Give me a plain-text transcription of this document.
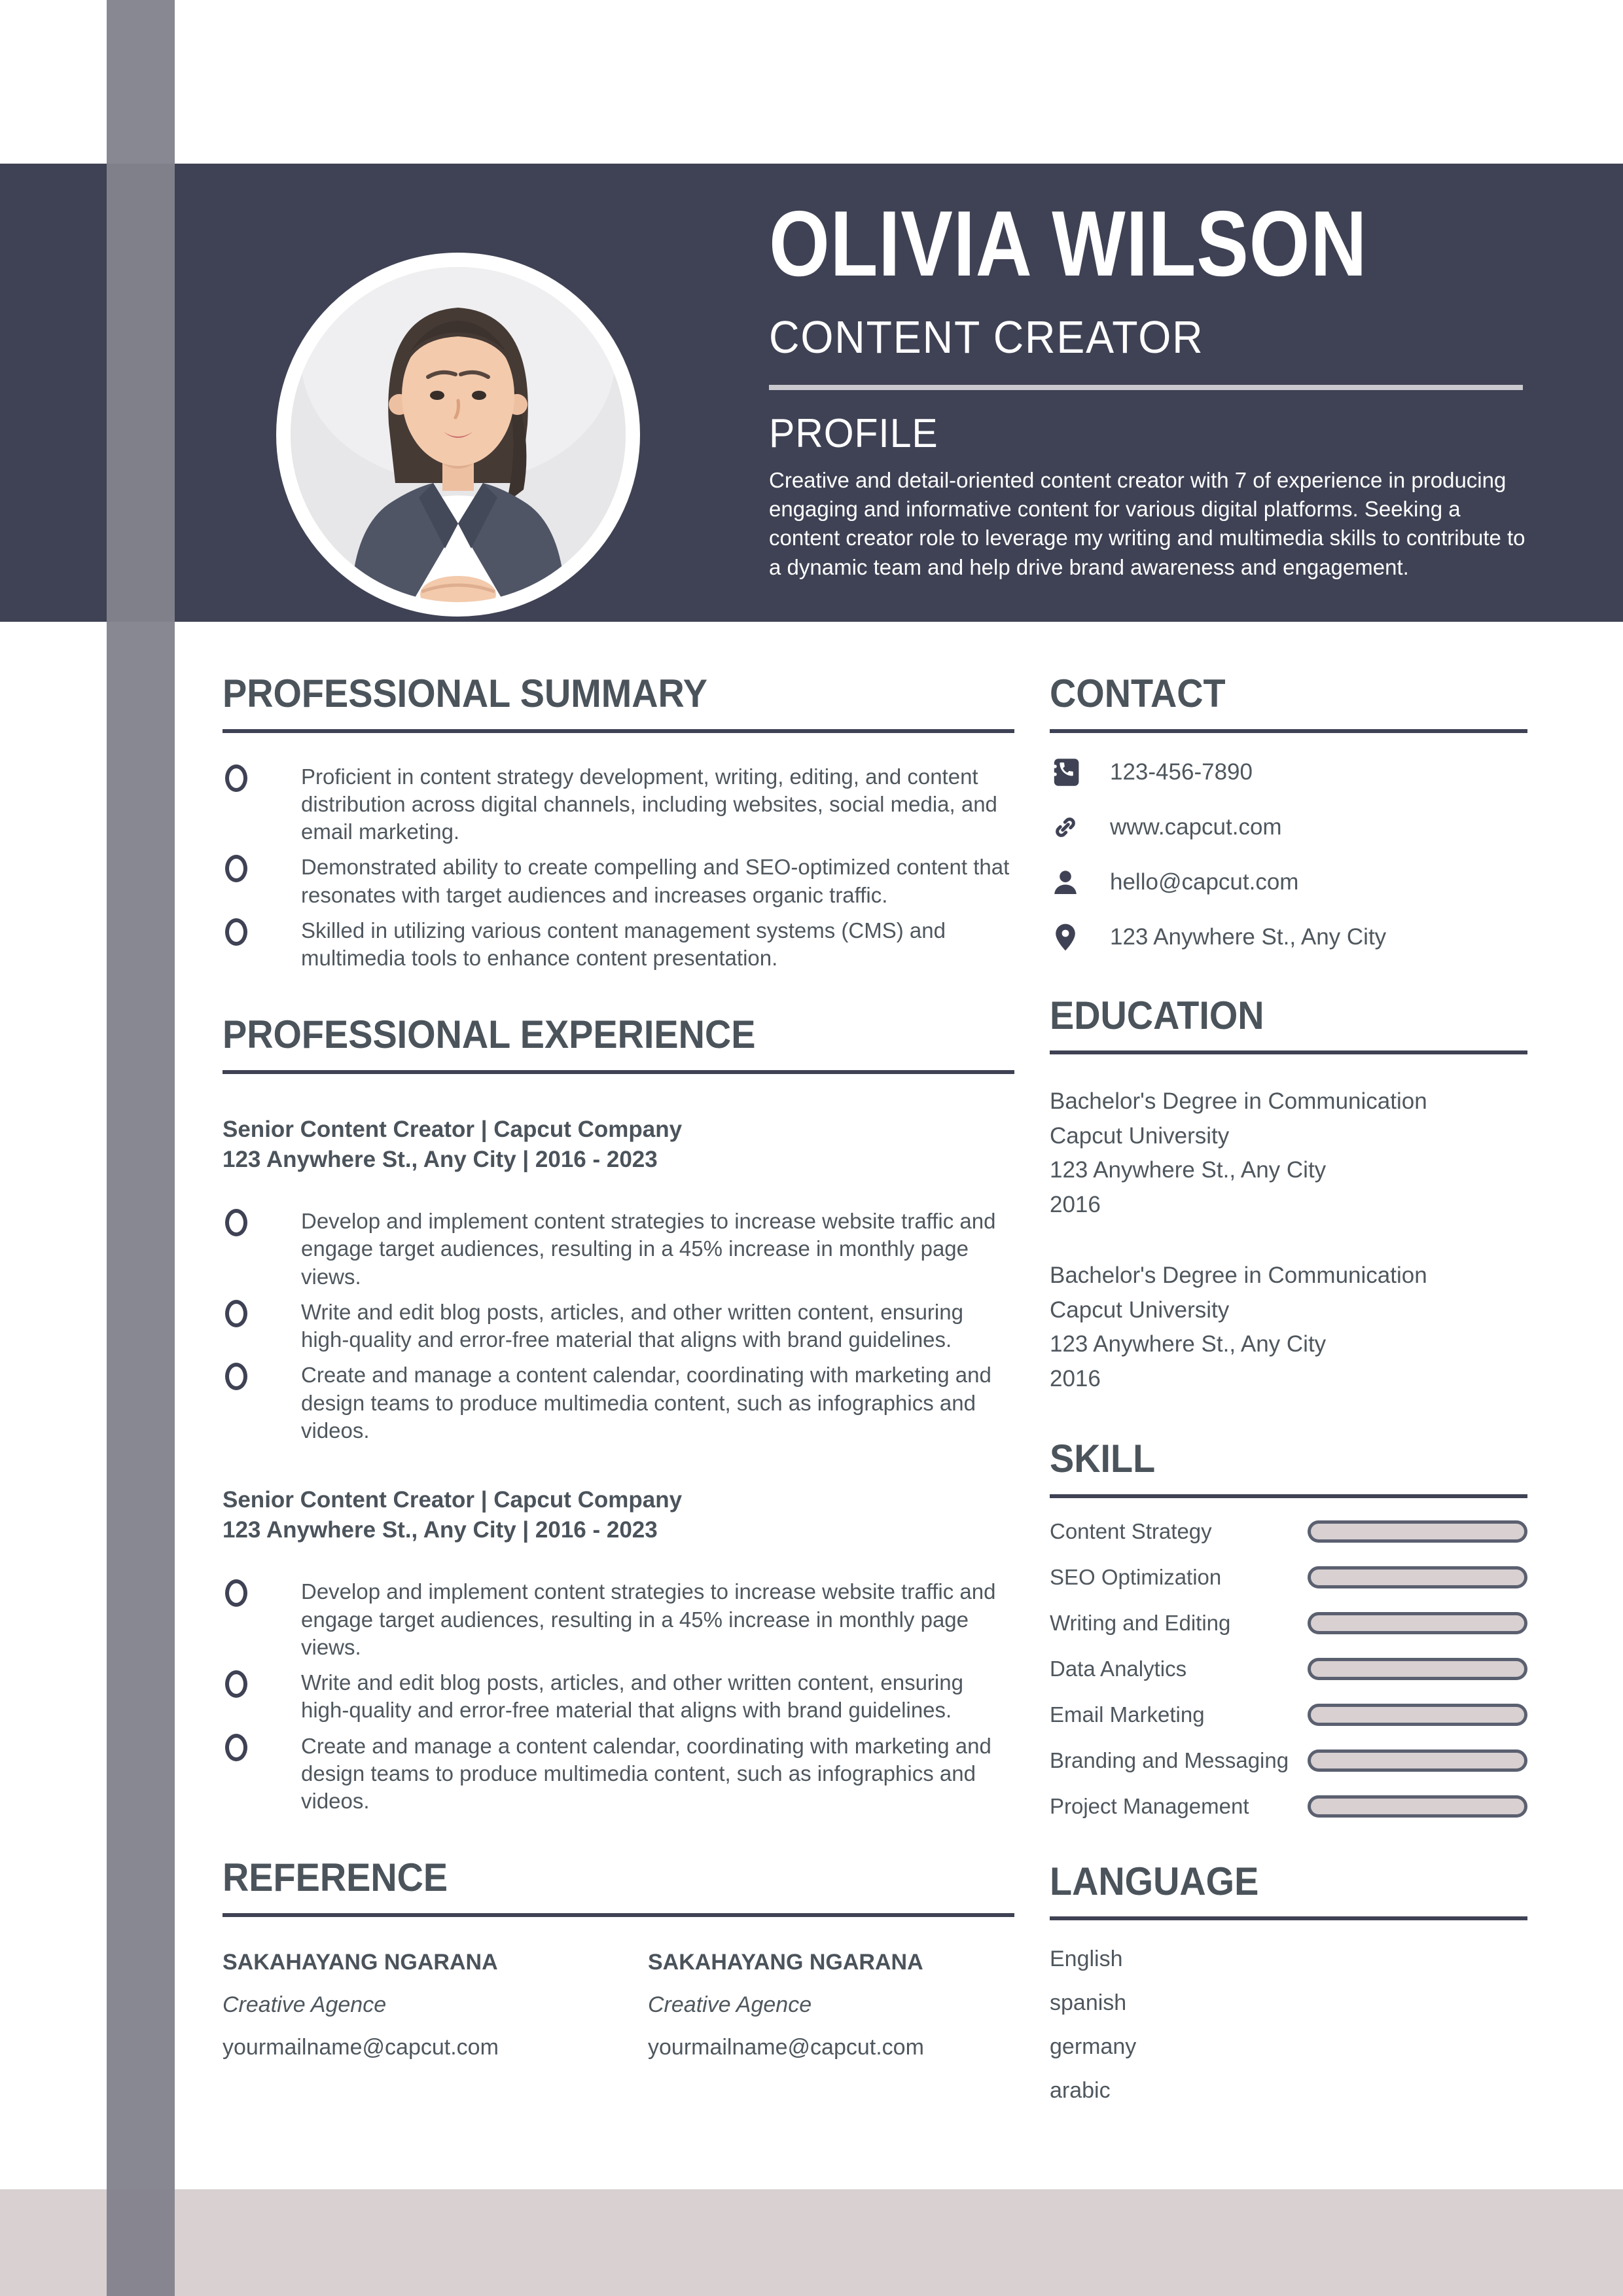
OLIVIA WILSON
CONTENT CREATOR
PROFILE

Creative and detail-oriented content creator with 7 of experience in producing engaging and informative content for various digital platforms. Seeking a content creator role to leverage my writing and multimedia skills to contribute to a dynamic team and help drive brand awareness and engagement.

PROFESSIONAL SUMMARY
Proficient in content strategy development, writing, editing, and content distribution across digital channels, including websites, social media, and email marketing.
Demonstrated ability to create compelling and SEO-optimized content that resonates with target audiences and increases organic traffic.
Skilled in utilizing various content management systems (CMS) and multimedia tools to enhance content presentation.
PROFESSIONAL EXPERIENCE
Senior Content Creator | Capcut Company
123 Anywhere St., Any City | 2016 - 2023
Develop and implement content strategies to increase website traffic and engage target audiences, resulting in a 45% increase in monthly page views.
Write and edit blog posts, articles, and other written content, ensuring high-quality and error-free material that aligns with brand guidelines.
Create and manage a content calendar, coordinating with marketing and design teams to produce multimedia content, such as infographics and videos.
Senior Content Creator | Capcut Company
123 Anywhere St., Any City | 2016 - 2023
Develop and implement content strategies to increase website traffic and engage target audiences, resulting in a 45% increase in monthly page views.
Write and edit blog posts, articles, and other written content, ensuring high-quality and error-free material that aligns with brand guidelines.
Create and manage a content calendar, coordinating with marketing and design teams to produce multimedia content, such as infographics and videos.
REFERENCE
SAKAHAYANG NGARANA
Creative Agence
yourmailname@capcut.com
SAKAHAYANG NGARANA
Creative Agence
yourmailname@capcut.com
CONTACT
123-456-7890
www.capcut.com
hello@capcut.com
123 Anywhere St., Any City
EDUCATION
Bachelor's Degree in Communication
Capcut University
123 Anywhere St., Any City
2016
Bachelor's Degree in Communication
Capcut University
123 Anywhere St., Any City
2016
SKILL
Content Strategy
SEO Optimization
Writing and Editing
Data Analytics
Email Marketing
Branding and Messaging
Project Management
LANGUAGE
English
spanish
germany
arabic
